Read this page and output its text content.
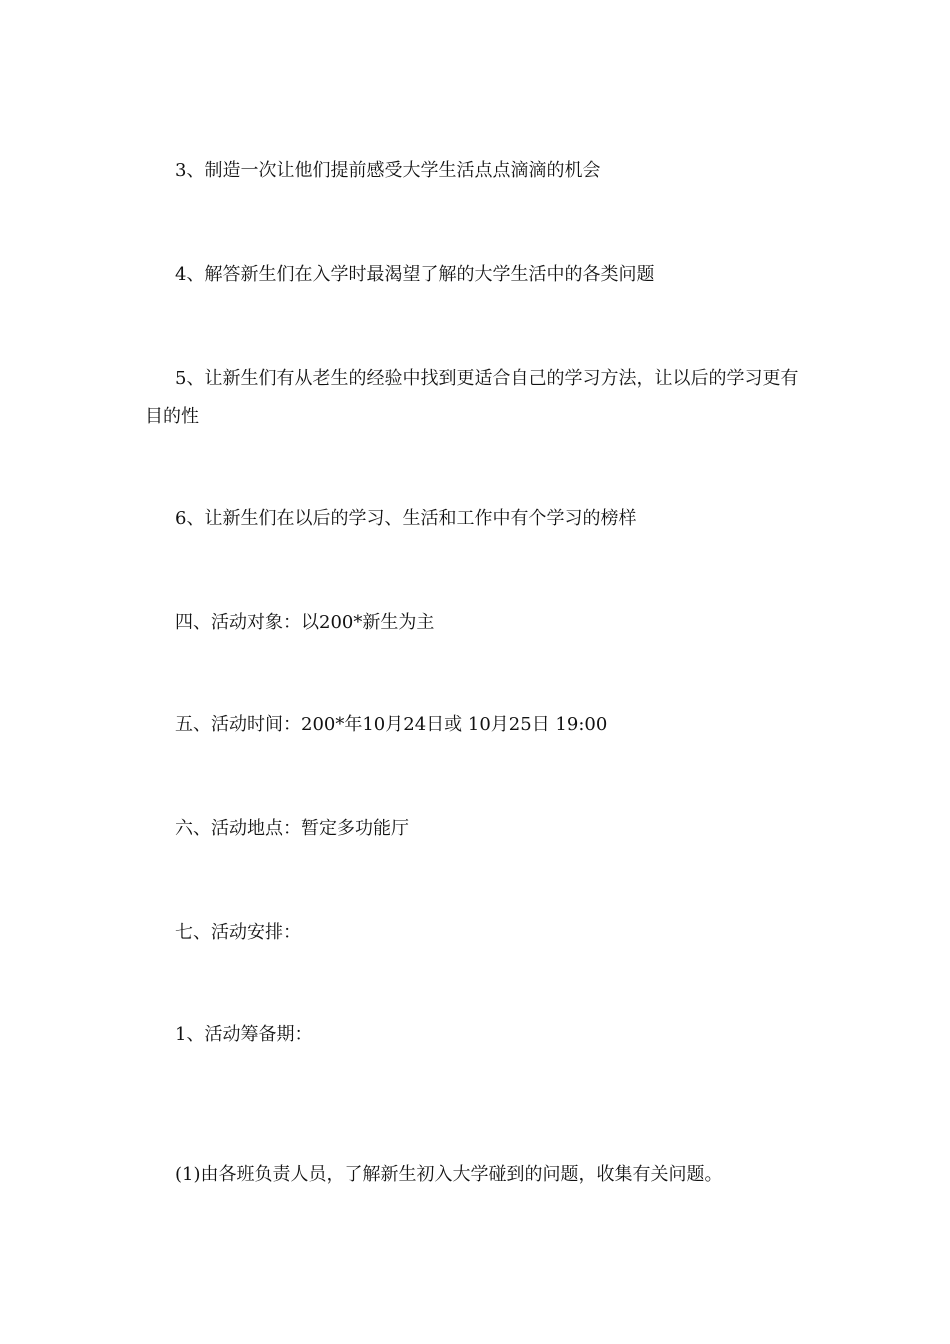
3、制造一次让他们提前感受大学生活点点滴滴的机会

4、解答新生们在入学时最渴望了解的大学生活中的各类问题

5、让新生们有从老生的经验中找到更适合自己的学习方法，让以后的学习更有目的性

6、让新生们在以后的学习、生活和工作中有个学习的榜样

四、活动对象：以200*新生为主

五、活动时间：200*年10月24日或 10月25日 19:00

六、活动地点：暂定多功能厅

七、活动安排：

1、活动筹备期：

(1)由各班负责人员，了解新生初入大学碰到的问题，收集有关问题。
